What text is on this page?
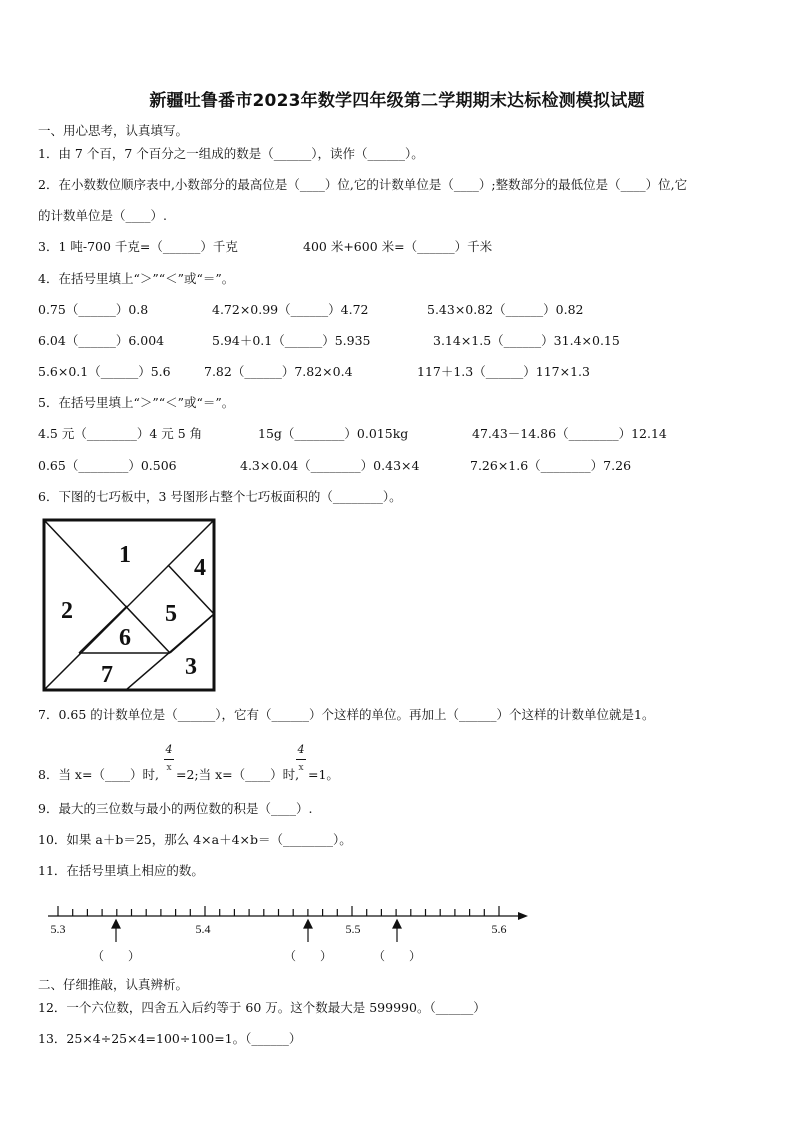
新疆吐鲁番市2023年数学四年级第二学期期末达标检测模拟试题
一、用心思考，认真填写。
1．由 7 个百，7 个百分之一组成的数是（______），读作（______）。
2．在小数数位顺序表中,小数部分的最高位是（____）位,它的计数单位是（____）;整数部分的最低位是（____）位,它
的计数单位是（____）.
3．1 吨-700 千克=（______）千克	400 米+600 米=（______）千米
4．在括号里填上“＞”“＜”或“＝”。
0.75（______）0.8	4.72×0.99（______）4.72	5.43×0.82（______）0.82
6.04（______）6.004	5.94＋0.1（______）5.935	3.14×1.5（______）31.4×0.15
5.6×0.1（______）5.6	7.82（______）7.82×0.4	117＋1.3（______）117×1.3
5．在括号里填上“＞”“＜”或“＝”。
4.5 元（________）4 元 5 角	15g（________）0.015kg	47.43－14.86（________）12.14
0.65（________）0.506	4.3×0.04（________）0.43×4	7.26×1.6（________）7.26
6．下图的七巧板中，3 号图形占整个七巧板面积的（________）。
1
2
3
4
5
6
7
7．0.65 的计数单位是（______），它有（______）个这样的单位。再加上（______）个这样的计数单位就是1。
8．当 x=（____）时,
4
x =2;当 x=（____）时,
4
x =1。
9．最大的三位数与最小的两位数的积是（____）.
10．如果 a＋b＝25，那么 4×a＋4×b＝（________）。
11．在括号里填上相应的数。
5.3	5.4	5.5	5.6
（　　）	（　　）	（　　）
二、仔细推敲，认真辨析。
12．一个六位数，四舍五入后约等于 60 万。这个数最大是 599990。（______）
13．25×4÷25×4=100÷100=1。（______）
